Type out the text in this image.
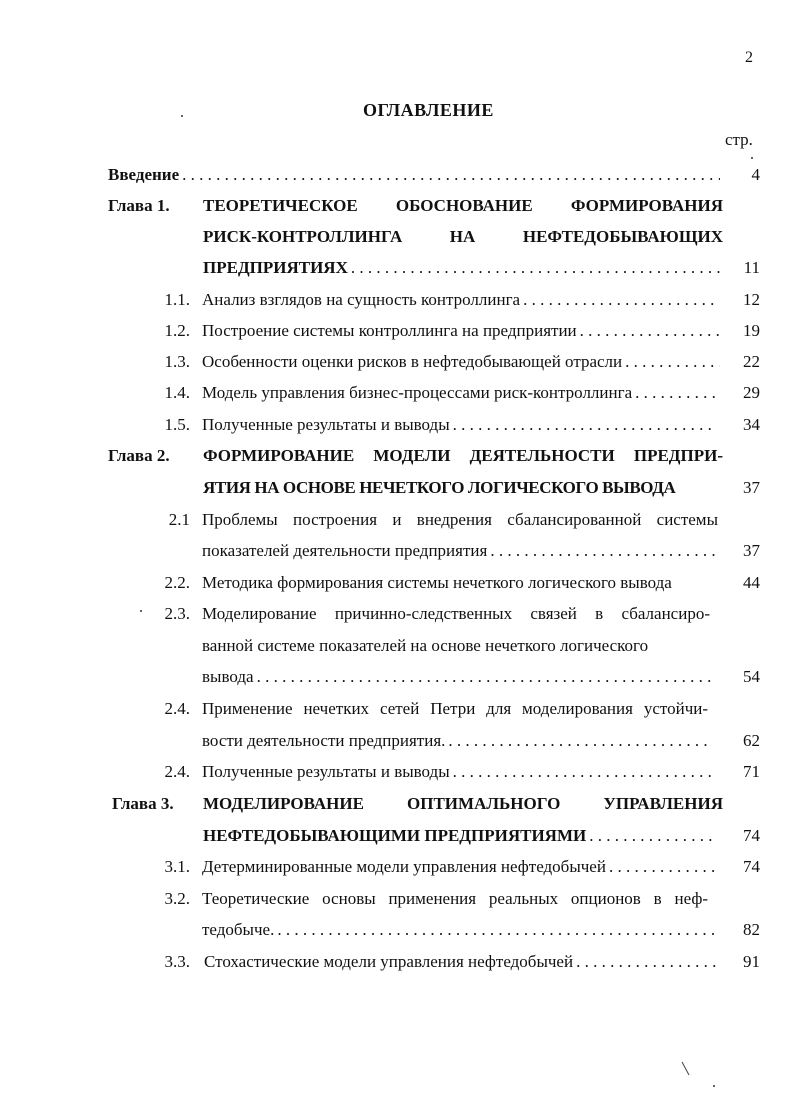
2
ОГЛАВЛЕНИЕ
стр.
Введение . . .	4
Глава 1. ТЕОРЕТИЧЕСКОЕ ОБОСНОВАНИЕ ФОРМИРОВАНИЯ
РИСК-КОНТРОЛЛИНГА НА НЕФТЕДОБЫВАЮЩИХ
ПРЕДПРИЯТИЯХ . . .	11
1.1. Анализ взглядов на сущность контроллинга . . .	12
1.2. Построение системы контроллинга на предприятии . . .	19
1.3. Особенности оценки рисков в нефтедобывающей отрасли . . .	22
1.4. Модель управления бизнес-процессами риск-контроллинга . . .	29
1.5. Полученные результаты и выводы . . .	34
Глава 2. ФОРМИРОВАНИЕ МОДЕЛИ ДЕЯТЕЛЬНОСТИ ПРЕДПРИ-
ЯТИЯ НА ОСНОВЕ НЕЧЕТКОГО ЛОГИЧЕСКОГО ВЫВОДА	37
2.1 Проблемы построения и внедрения сбалансированной системы
показателей деятельности предприятия . . .	37
2.2. Методика формирования системы нечеткого логического вывода	44
2.3. Моделирование причинно-следственных связей в сбалансиро-
ванной системе показателей на основе нечеткого логического
вывода . . .	54
2.4. Применение нечетких сетей Петри для моделирования устойчи-
вости деятельности предприятия. . . .	62
2.4. Полученные результаты и выводы . . .	71
Глава 3. МОДЕЛИРОВАНИЕ ОПТИМАЛЬНОГО УПРАВЛЕНИЯ
НЕФТЕДОБЫВАЮЩИМИ ПРЕДПРИЯТИЯМИ . . .	74
3.1. Детерминированные модели управления нефтедобычей . . .	74
3.2. Теоретические основы применения реальных опционов в неф-
тедобыче. . . .	82
3.3. Стохастические модели управления нефтедобычей . . .	91
